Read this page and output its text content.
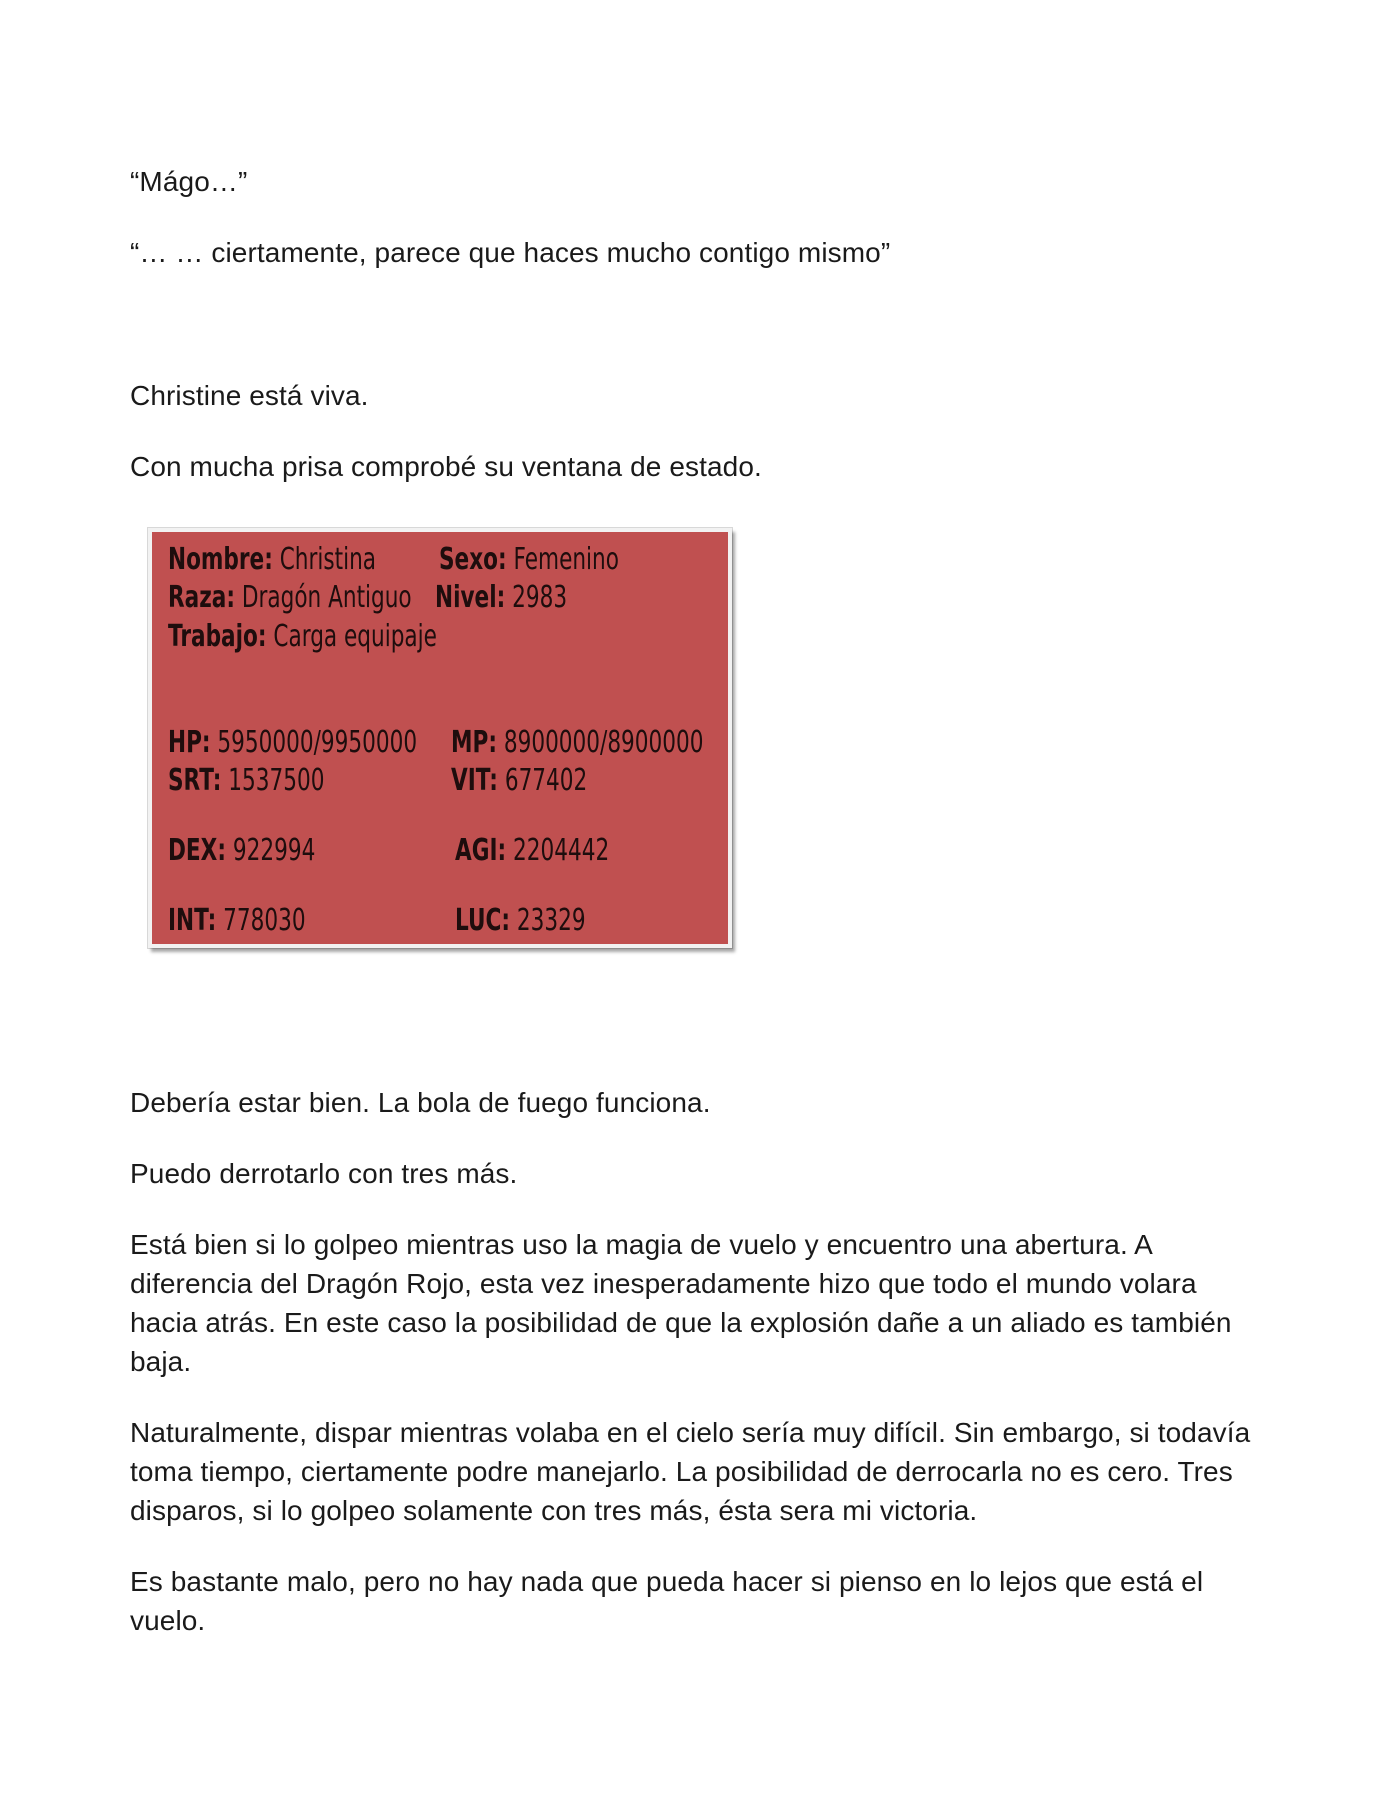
“Mágo…”

“… … ciertamente, parece que haces mucho contigo mismo”

Christine está viva.

Con mucha prisa comprobé su ventana de estado.

Nombre: Christina Sexo: Femenino
Raza: Dragón Antiguo Nivel: 2983
Trabajo: Carga equipaje
HP: 5950000/9950000 MP: 8900000/8900000
SRT: 1537500	VIT: 677402
DEX: 922994	AGI: 2204442
INT: 778030	LUC: 23329

Debería estar bien. La bola de fuego funciona.

Puedo derrotarlo con tres más.

Está bien si lo golpeo mientras uso la magia de vuelo y encuentro una abertura. A diferencia del Dragón Rojo, esta vez inesperadamente hizo que todo el mundo volara hacia atrás. En este caso la posibilidad de que la explosión dañe a un aliado es también baja.

Naturalmente, dispar mientras volaba en el cielo sería muy difícil. Sin embargo, si todavía toma tiempo, ciertamente podre manejarlo. La posibilidad de derrocarla no es cero. Tres disparos, si lo golpeo solamente con tres más, ésta sera mi victoria.

Es bastante malo, pero no hay nada que pueda hacer si pienso en lo lejos que está el vuelo.
